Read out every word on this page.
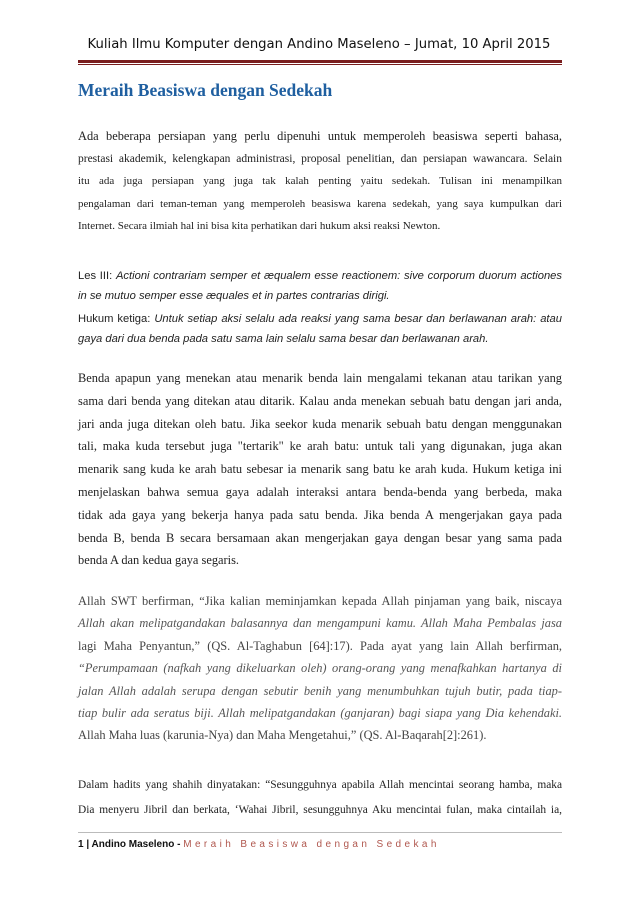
Kuliah Ilmu Komputer dengan Andino Maseleno – Jumat, 10 April 2015
Meraih Beasiswa dengan Sedekah
Ada beberapa persiapan yang perlu dipenuhi untuk memperoleh beasiswa seperti bahasa,
prestasi akademik, kelengkapan administrasi, proposal penelitian, dan persiapan wawancara. Selain
itu ada juga persiapan yang juga tak kalah penting yaitu sedekah. Tulisan ini menampilkan
pengalaman dari teman-teman yang memperoleh beasiswa karena sedekah, yang saya kumpulkan dari
Internet. Secara ilmiah hal ini bisa kita perhatikan dari hukum aksi reaksi Newton.
Les III: Actioni contrariam semper et æqualem esse reactionem: sive corporum duorum actiones
in se mutuo semper esse æquales et in partes contrarias dirigi.
Hukum ketiga: Untuk setiap aksi selalu ada reaksi yang sama besar dan berlawanan arah: atau
gaya dari dua benda pada satu sama lain selalu sama besar dan berlawanan arah.
Benda apapun yang menekan atau menarik benda lain mengalami tekanan atau tarikan yang
sama dari benda yang ditekan atau ditarik. Kalau anda menekan sebuah batu dengan jari anda,
jari anda juga ditekan oleh batu. Jika seekor kuda menarik sebuah batu dengan menggunakan
tali, maka kuda tersebut juga "tertarik" ke arah batu: untuk tali yang digunakan, juga akan
menarik sang kuda ke arah batu sebesar ia menarik sang batu ke arah kuda. Hukum ketiga ini
menjelaskan bahwa semua gaya adalah interaksi antara benda-benda yang berbeda, maka
tidak ada gaya yang bekerja hanya pada satu benda. Jika benda A mengerjakan gaya pada
benda B, benda B secara bersamaan akan mengerjakan gaya dengan besar yang sama pada
benda A dan kedua gaya segaris.
Allah SWT berfirman, “Jika kalian meminjamkan kepada Allah pinjaman yang baik, niscaya
Allah akan melipatgandakan balasannya dan mengampuni kamu. Allah Maha Pembalas jasa
lagi Maha Penyantun,” (QS. Al-Taghabun [64]:17). Pada ayat yang lain Allah berfirman,
“Perumpamaan (nafkah yang dikeluarkan oleh) orang-orang yang menafkahkan hartanya di
jalan Allah adalah serupa dengan sebutir benih yang menumbuhkan tujuh butir, pada tiap-
tiap bulir ada seratus biji. Allah melipatgandakan (ganjaran) bagi siapa yang Dia kehendaki.
Allah Maha luas (karunia-Nya) dan Maha Mengetahui,” (QS. Al-Baqarah[2]:261).
Dalam hadits yang shahih dinyatakan: “Sesungguhnya apabila Allah mencintai seorang hamba, maka
Dia menyeru Jibril dan berkata, ‘Wahai Jibril, sesungguhnya Aku mencintai fulan, maka cintailah ia,
1 | Andino Maseleno - Meraih Beasiswa dengan Sedekah
